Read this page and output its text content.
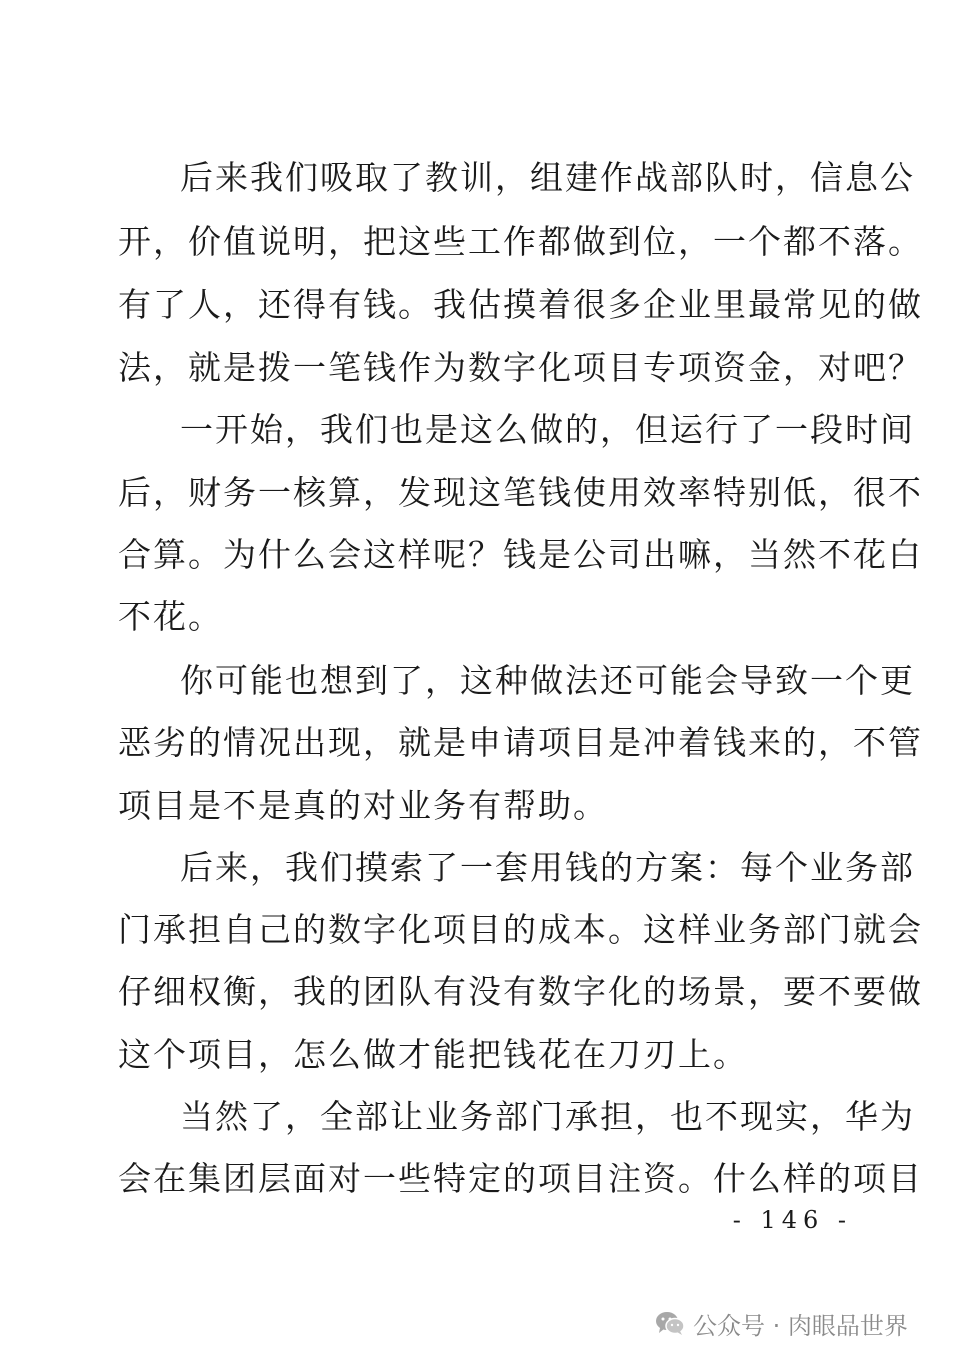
后来我们吸取了教训，组建作战部队时，信息公
开，价值说明，把这些工作都做到位，一个都不落。
有了人，还得有钱。我估摸着很多企业里最常见的做
法，就是拨一笔钱作为数字化项目专项资金，对吧？
一开始，我们也是这么做的，但运行了一段时间
后，财务一核算，发现这笔钱使用效率特别低，很不
合算。为什么会这样呢？钱是公司出嘛，当然不花白
不花。
你可能也想到了，这种做法还可能会导致一个更
恶劣的情况出现，就是申请项目是冲着钱来的，不管
项目是不是真的对业务有帮助。
后来，我们摸索了一套用钱的方案：每个业务部
门承担自己的数字化项目的成本。这样业务部门就会
仔细权衡，我的团队有没有数字化的场景，要不要做
这个项目，怎么做才能把钱花在刀刃上。
当然了，全部让业务部门承担，也不现实，华为
会在集团层面对一些特定的项目注资。什么样的项目
- 146 -
公众号 · 肉眼品世界
